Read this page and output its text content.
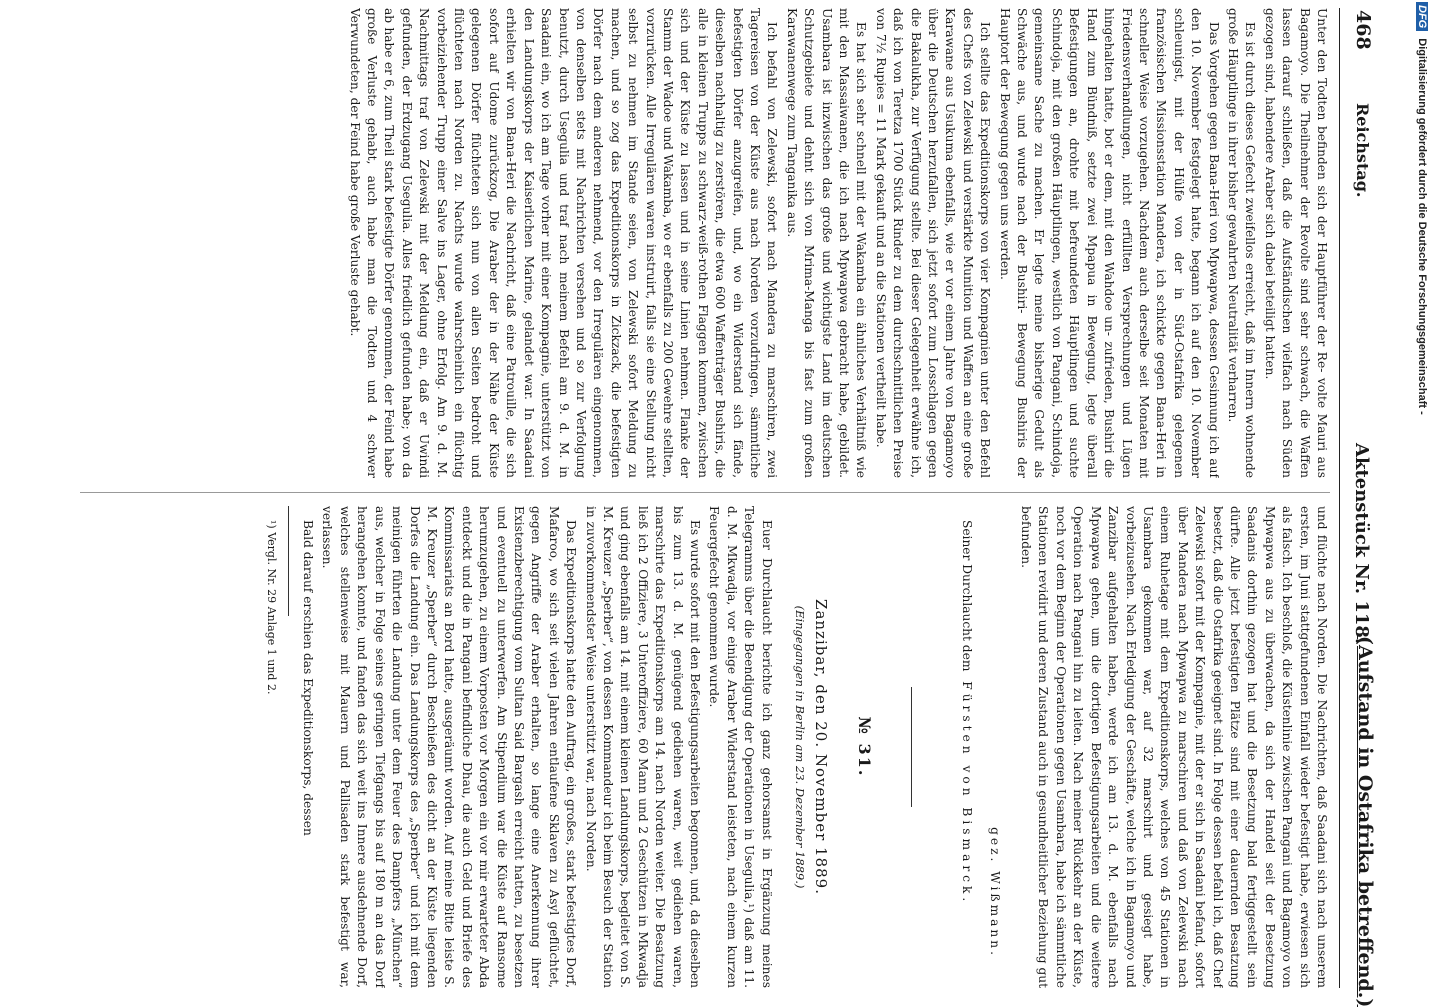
468
Reichstag.
Aktenstück Nr. 118.
(Aufstand in Ostafrika betreffend.)

Unter den Todten befinden sich der Hauptführer der Re- volte Mauri aus Bagamoyo. Die Theilnehmer der Revolte sind sehr schwach, die Waffen lassen darauf schließen, daß die Aufständischen vielfach nach Süden gezogen sind, habendere Araber sich dabei beteiligt hatten.

Es ist durch dieses Gefecht zweifellos erreicht, daß im Innern wohnende große Häuptlinge in ihrer bisher gewahrten Neutralität verharren.

Das Vorgehen gegen Bana-Heri von Mpwapwa, dessen Gesinnung ich auf den 10. November festgelegt hatte, begann ich auf den 10. November schleunigst, mit der Hülfe von der in Süd-Ostafrika gelegenen französischen Missionsstation Mandera, ich schickte gegen Bana-Heri in schneller Weise vorzugehen. Nachdem auch derselbe seit Monaten mit Friedensverhandlungen, nicht erfüllten Versprechungen und Lügen hingehalten hatte, bot er dem, mit den Wahdoe un- zufrieden, Bushiri die Hand zum Bündniß, setzte zwei Mpapua in Bewegung, legte überall Befestigungen an, drohte mit befreundeten Häuptlingen und suchte Schindoja, mit den großen Häuptlingen, westlich von Pangani, Schindoja, gemeinsame Sache zu machen. Er legte meine bisherige Gedult als Schwäche aus, und wurde nach der Bushiri- Bewegung Bushiris der Hauptort der Bewegung gegen uns werden.

Ich stellte das Expeditionskorps von vier Kompagnien unter den Befehl des Chefs von Zelewski und verstärkte Munition und Waffen an eine große Karawane aus Usukuma ebenfalls, wie er vor einem Jahre von Bagamoyo über die Deutschen herzufallen, sich jetzt sofort zum Losschlagen gegen die Bakalukha, zur Verfügung stellte. Bei dieser Gelegenheit erwähne ich, daß ich von Teretza 1700 Stück Rinder zu dem durchschnittlichen Preise von 7½ Rupies = 11 Mark gekauft und an die Stationen vertheilt habe.

Es hat sich sehr schnell mit der Wakamba ein ähnliches Verhältniß wie mit den Massaiwanen, die ich nach Mpwapwa gebracht habe, gebildet. Usambara ist inzwischen das große und wichtigste Land im deutschen Schutzgebiete und dehnt sich von Mrima-Manga bis fast zum großen Karawanenwege zum Tanganika aus.

Ich befahl von Zelewski, sofort nach Mandera zu marschiren, zwei Tagereisen von der Küste aus nach Norden vorzudringen, sämmtliche befestigten Dörfer anzugreifen, und, wo ein Widerstand sich fände, dieselben nachhaltig zu zerstören, die etwa 600 Waffenträger Bushiris, die alle in kleinen Trupps zu schwarz-weiß-rothen Flaggen kommen, zwischen sich und der Küste zu lassen und in seine Linien nehmen. Flanke der Stamm der Wadoe und Wakamba, wo er ebenfalls zu 200 Gewehre stellten, vorzurücken. Alle Irregulären waren instruirt, falls sie eine Stellung nicht selbst zu nehmen im Stande seien, von Zelewski sofort Meldung zu machen, und so zog das Expeditionskorps in Zickzack, die befestigten Dörfer nach dem anderen nehmend, vor den Irregulären eingenommen, von denselben stets mit Nachrichten versehen und so zur Verfolgung benutzt, durch Usegulia und traf nach meinem Befehl am 9. d. M. in Saadani ein, wo ich am Tage vorher mit einer Kompagnie, unterstützt von den Landungskorps der Kaiserlichen Marine, gelandet war. In Saadani erhielten wir von Bana-Heri die Nachricht, daß eine Patrouille, die sich sofort auf Udome zurückzog, Die Araber der in der Nähe der Küste gelegenen Dörfer flüchteten sich nun von allen Seiten bedroht und flüchteten nach Norden zu. Nachts wurde wahrscheinlich ein flüchtig vorbeiziehender Trupp einer Salve ins Lager, ohne Erfolg. Am 9. d. M. Nachmittags traf von Zelewski mit der Meldung ein, daß er Uwindi gefunden, der Erdzugang Usegulia. Alles friedlich gefunden habe; von da ab habe er 6, zum Theil stark befestigte Dörfer genommen, der Feind habe große Verluste gehabt, auch habe man die Todten und 4 schwer Verwundeten, der Feind habe große Verluste gehabt.

und flüchte nach Norden. Die Nachrichten, daß Saadani sich nach unserem ersten, im Juni stattgefundenen Einfall wieder befestigt habe, erwiesen sich als falsch. Ich beschloß, die Küstenlinie zwischen Pangani und Bagamoyo von Mpwapwa aus zu überwachen, da sich der Handel seit der Besetzung Saadanis dorthin gezogen hat und die Besetzung bald fertiggestellt sein dürfte. Alle jetzt befestigten Plätze sind mit einer dauernden Besatzung besetzt, daß die Ostafrika geeignet sind. In Folge dessen befahl ich, daß Chef Zelewski sofort mit der Kompagnie, mit der er sich in Saadani befand, sofort über Mandera nach Mpwapwa zu marschiren und daß von Zelewski nach einem Ruhetage mit dem Expeditionskorps, welches von 45 Stationen in Usambara gekommen war, auf 32 marschirt und gesiegt habe, vorbeizusehen. Nach Erledigung der Geschäfte, welche ich in Bagamoyo und Zanzibar aufgehalten haben, werde ich am 13. d. M. ebenfalls nach Mpwapwa gehen, um die dortigen Befestigungsarbeiten und die weitere Operation nach Pangani hin zu leiten. Nach meiner Rückkehr an der Küste, noch vor dem Beginn der Operationen gegen Usambara, habe ich sämmtliche Stationen revidirt und deren Zustand auch in gesundheitlicher Beziehung gut befunden.

gez. Wißmann.
Seiner Durchlaucht dem Fürsten von Bismarck.
№ 31.
Zanzibar, den 20. November 1889.
(Eingegangen in Berlin am 23. Dezember 1889.)

Euer Durchlaucht berichte ich ganz gehorsamst in Ergänzung meines Telegramms über die Beendigung der Operationen in Usegulia,¹) daß am 11. d. M. Mkwadja, vor einige Araber Widerstand leisteten, nach einem kurzen Feuergefecht genommen wurde.

Es wurde sofort mit den Befestigungsarbeiten begonnen, und, da dieselben bis zum 13. d. M. genügend gediehen waren, weit gediehen waren, marschirte das Expeditionskorps am 14. nach Norden weiter. Die Besatzung ließ ich 2 Offiziere, 3 Unteroffiziere, 60 Mann und 2 Geschützen in Mkwadja und ging ebenfalls am 14. mit einem kleinen Landungskorps, begleitet von S. M. Kreuzer „Sperber“, von dessen Kommandeur ich beim Besuch der Station in zuvorkommendster Weise unterstützt war, nach Norden.

Das Expeditionskorps hatte den Auftrag, ein großes, stark befestigtes Dorf, Mafaroo, wo sich seit vielen Jahren entlaufene Sklaven zu Asyl geflüchtet, gegen Angriffe der Araber erhalten, so lange eine Anerkennung ihrer Existenzberechtigung vom Sultan Said Bargash erreicht hatten, zu besetzen und eventuell zu unterwerfen. Am Stipendium war die Küste auf Ransome herumzugehen, zu einem Vorposten vor Morgen ein vor mir erwarteter Abda entdeckt und die in Pangani befindliche Dhau, die auch Geld und Briefe des Kommissariats an Bord hatte, ausgeräumt worden. Auf meine Bitte leiste S. M. Kreuzer „Sperber“ durch Beschießen des dicht an der Küste liegenden Dorfes die Landung ein. Das Landungskorps des „Sperber“ und ich mit dem meinigen führten die Landung unter dem Feuer des Dampfers „München“ aus, welcher in Folge seines geringen Tiefgangs bis auf 180 m an das Dorf herangehen konnte, und fanden das sich weit ins Innere ausdehnende Dorf, welches stellenweise mit Mauern und Pallisaden stark befestigt war, verlassen.

Bald darauf erschien das Expeditionskorps, dessen

¹) Vergl. Nr. 29 Anlage 1 und 2.
DFG Digitalisierung gefördert durch die Deutsche Forschungsgemeinschaft -
